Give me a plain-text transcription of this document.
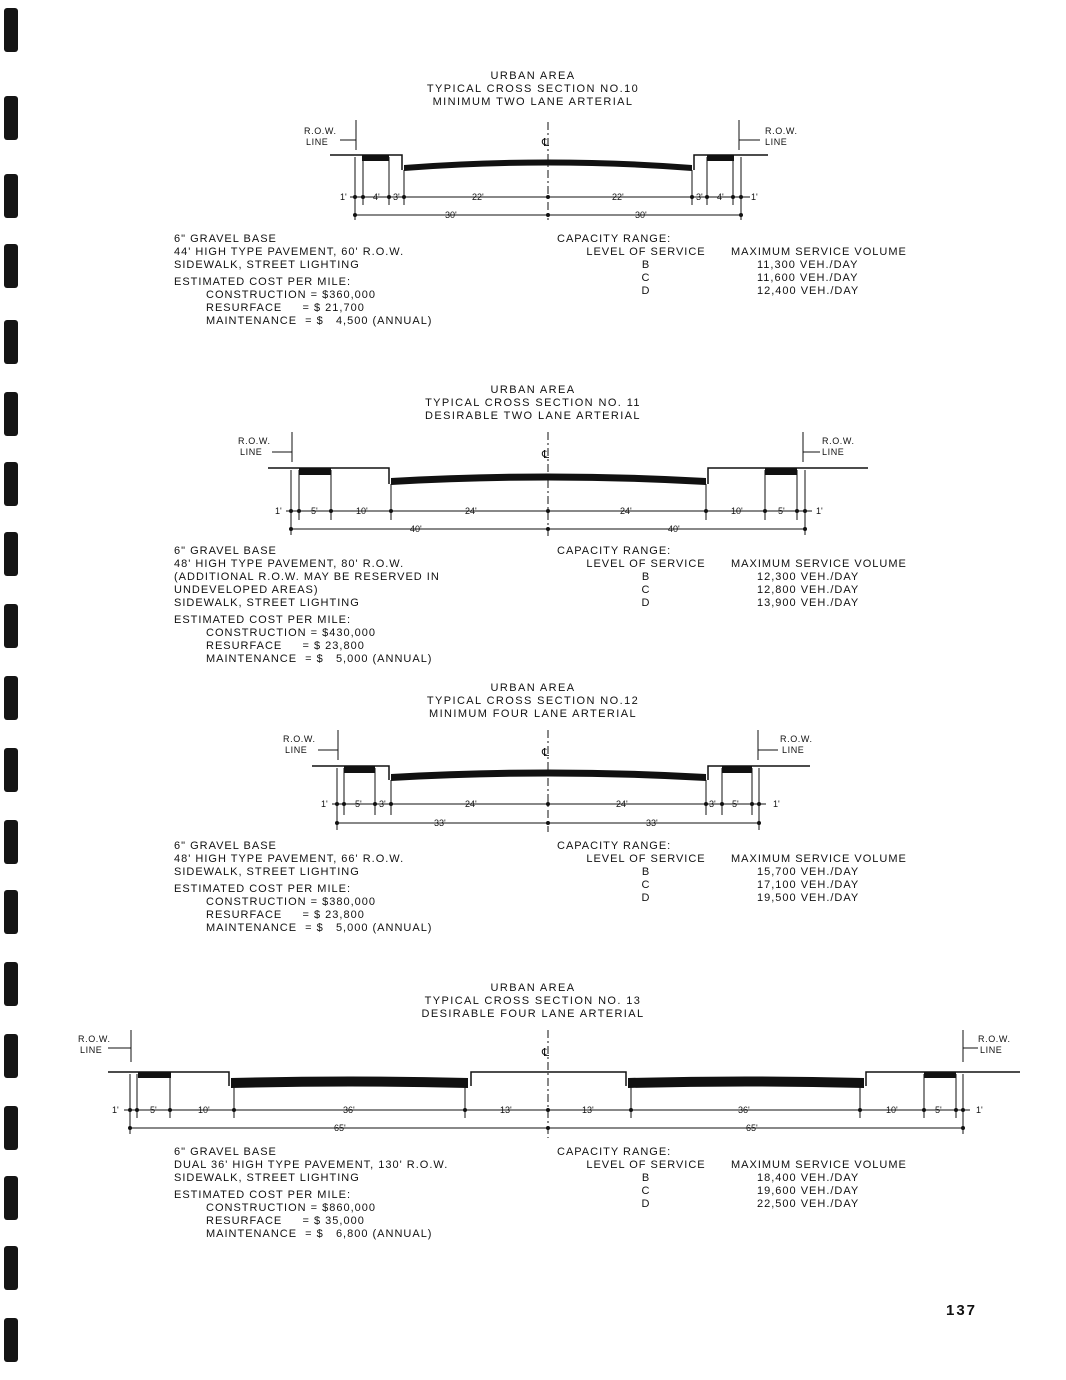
URBAN AREA
TYPICAL CROSS SECTION NO.10
MINIMUM TWO LANE ARTERIAL
R.O.W.
LINE
R.O.W.
LINE
℄
1'	4' 3'	22'	22'	3' 4'	1'
30'	30'
6" GRAVEL BASE
44' HIGH TYPE PAVEMENT, 60' R.O.W.
SIDEWALK, STREET LIGHTING
ESTIMATED COST PER MILE:
CONSTRUCTION = $360,000
RESURFACE     = $ 21,700
MAINTENANCE  = $   4,500 (ANNUAL)
CAPACITY RANGE:
LEVEL OF SERVICE	MAXIMUM SERVICE VOLUME
B	11,300 VEH./DAY
C	11,600 VEH./DAY
D	12,400 VEH./DAY
URBAN AREA
TYPICAL CROSS SECTION NO. 11
DESIRABLE TWO LANE ARTERIAL
R.O.W.
LINE
R.O.W.
LINE
℄
1'	5'	10'	24'	24'	10'	5'	1'
40'	40'
6" GRAVEL BASE
48' HIGH TYPE PAVEMENT, 80' R.O.W.
(ADDITIONAL R.O.W. MAY BE RESERVED IN
UNDEVELOPED AREAS)
SIDEWALK, STREET LIGHTING
ESTIMATED COST PER MILE:
CONSTRUCTION = $430,000
RESURFACE     = $ 23,800
MAINTENANCE  = $   5,000 (ANNUAL)
CAPACITY RANGE:
LEVEL OF SERVICE	MAXIMUM SERVICE VOLUME
B	12,300 VEH./DAY
C	12,800 VEH./DAY
D	13,900 VEH./DAY
URBAN AREA
TYPICAL CROSS SECTION NO.12
MINIMUM FOUR LANE ARTERIAL
R.O.W.
LINE
R.O.W.
LINE
℄
1'	5' 3'	24'	24'	3' 5'	1'
33'	33'
6" GRAVEL BASE
48' HIGH TYPE PAVEMENT, 66' R.O.W.
SIDEWALK, STREET LIGHTING
ESTIMATED COST PER MILE:
CONSTRUCTION = $380,000
RESURFACE     = $ 23,800
MAINTENANCE  = $   5,000 (ANNUAL)
CAPACITY RANGE:
LEVEL OF SERVICE	MAXIMUM SERVICE VOLUME
B	15,700 VEH./DAY
C	17,100 VEH./DAY
D	19,500 VEH./DAY
URBAN AREA
TYPICAL CROSS SECTION NO. 13
DESIRABLE FOUR LANE ARTERIAL
R.O.W.
LINE
R.O.W.
LINE
℄
1'	5'	10'	36'	13'	13'	36'	10'	5'	1'
65'	65'
6" GRAVEL BASE
DUAL 36' HIGH TYPE PAVEMENT, 130' R.O.W.
SIDEWALK, STREET LIGHTING
ESTIMATED COST PER MILE:
CONSTRUCTION = $860,000
RESURFACE     = $ 35,000
MAINTENANCE  = $   6,800 (ANNUAL)
CAPACITY RANGE:
LEVEL OF SERVICE	MAXIMUM SERVICE VOLUME
B	18,400 VEH./DAY
C	19,600 VEH./DAY
D	22,500 VEH./DAY
137
